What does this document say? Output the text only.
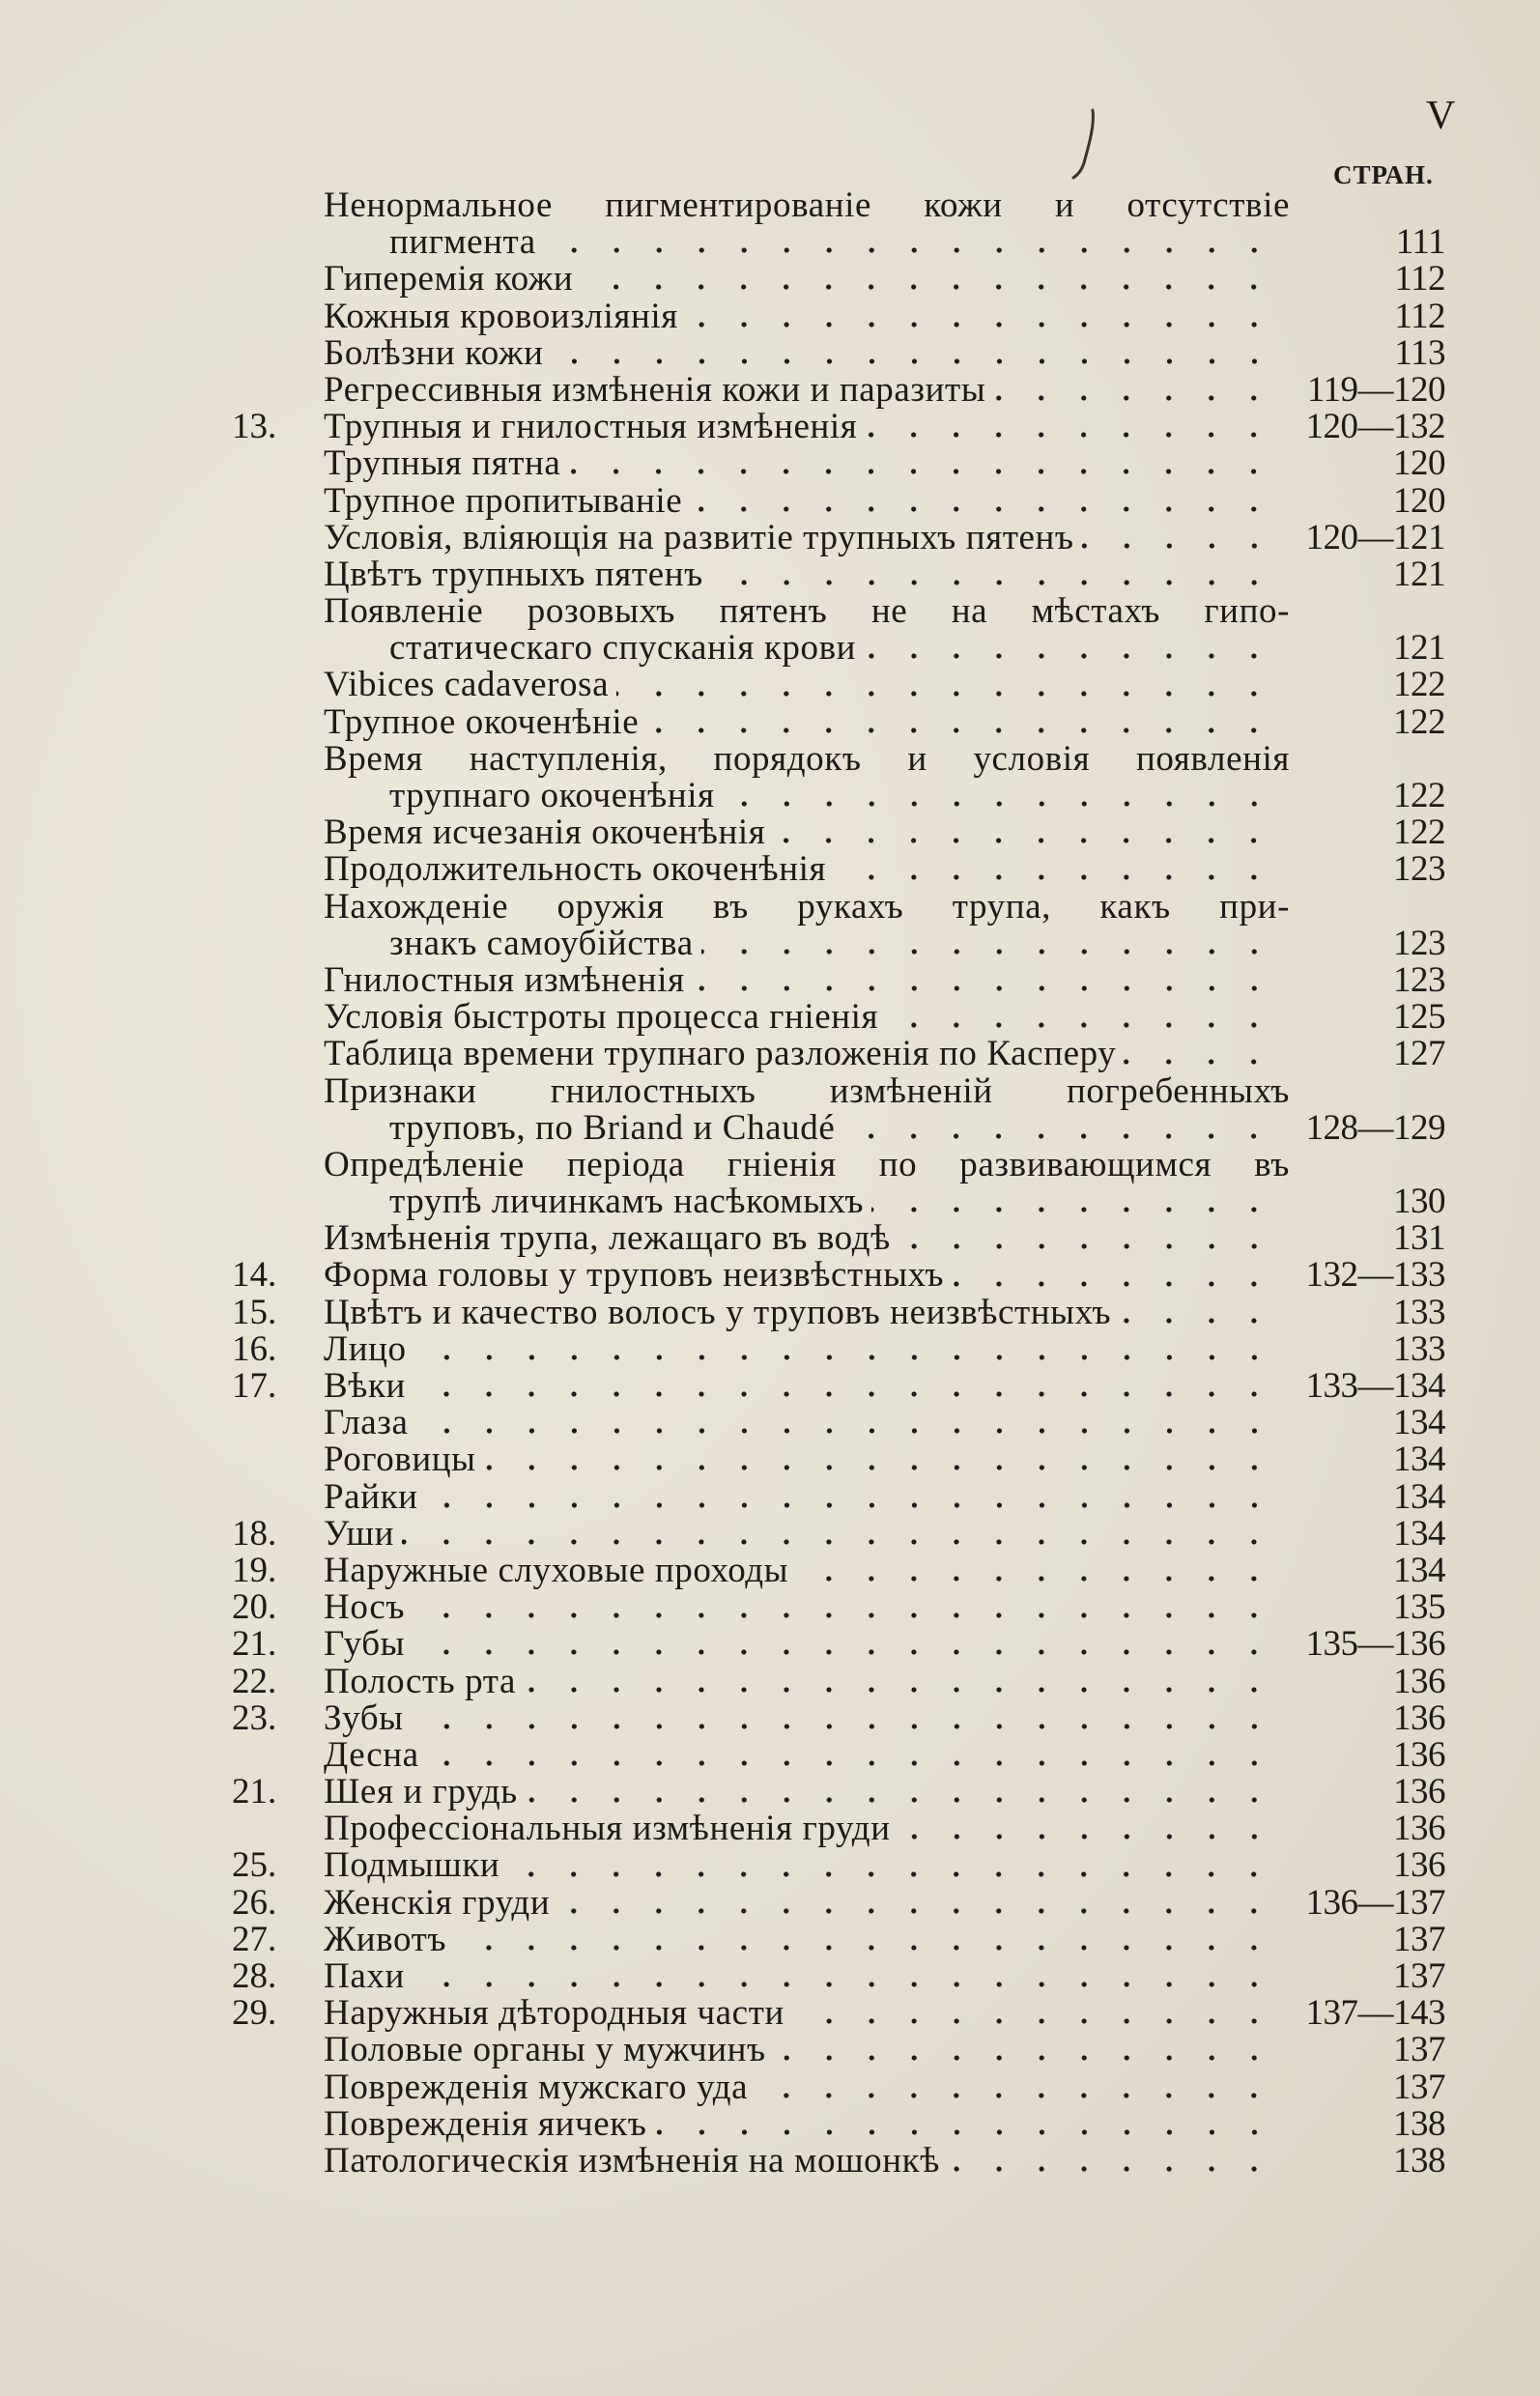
V
СТРАН.
Ненормальное пигментированіе кожи и отсутствіе
пигмента	111
Гиперемія кожи	112
Кожныя кровоизліянія	112
Болѣзни кожи	113
Регрессивныя измѣненія кожи и паразиты	119—120
13.	Трупныя и гнилостныя измѣненія	120—132
Трупныя пятна	120
Трупное пропитываніе	120
Условія, вліяющія на развитіе трупныхъ пятенъ	120—121
Цвѣтъ трупныхъ пятенъ	121
Появленіе розовыхъ пятенъ не на мѣстахъ гипо-
статическаго спусканія крови	121
Vibices cadaverosa	122
Трупное окоченѣніе	122
Время наступленія, порядокъ и условія появленія
трупнаго окоченѣнія	122
Время исчезанія окоченѣнія	122
Продолжительность окоченѣнія	123
Нахожденіе оружія въ рукахъ трупа, какъ при-
знакъ самоубійства	123
Гнилостныя измѣненія	123
Условія быстроты процесса гніенія	125
Таблица времени трупнаго разложенія по Касперу	127
Признаки гнилостныхъ измѣненій погребенныхъ
труповъ, по Briand и Chaudé	128—129
Опредѣленіе періода гніенія по развивающимся въ
трупѣ личинкамъ насѣкомыхъ	130
Измѣненія трупа, лежащаго въ водѣ	131
14.	Форма головы у труповъ неизвѣстныхъ	132—133
15.	Цвѣтъ и качество волосъ у труповъ неизвѣстныхъ	133
16.	Лицо	133
17.	Вѣки	133—134
Глаза	134
Роговицы	134
Райки	134
18.	Уши	134
19.	Наружные слуховые проходы	134
20.	Носъ	135
21.	Губы	135—136
22.	Полость рта	136
23.	Зубы	136
Десна	136
21.	Шея и грудь	136
Профессіональныя измѣненія груди	136
25.	Подмышки	136
26.	Женскія груди	136—137
27.	Животъ	137
28.	Пахи	137
29.	Наружныя дѣтородныя части	137—143
Половые органы у мужчинъ	137
Поврежденія мужскаго уда	137
Поврежденія яичекъ	138
Патологическія измѣненія на мошонкѣ	138
